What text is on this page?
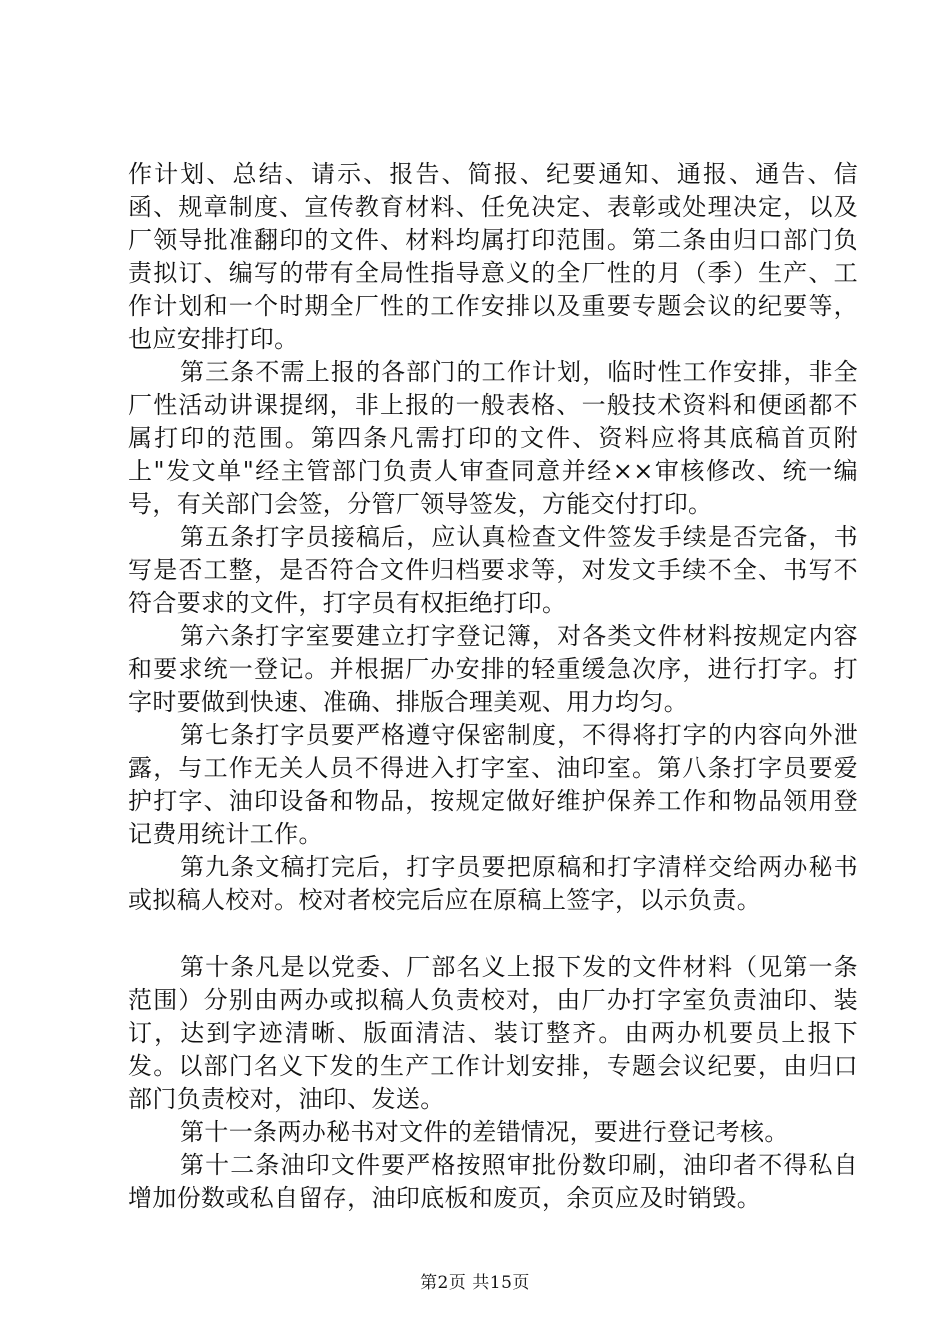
作计划、总结、请示、报告、简报、纪要通知、通报、通告、信函、规章制度、宣传教育材料、任免决定、表彰或处理决定，以及厂领导批准翻印的文件、材料均属打印范围。第二条由归口部门负责拟订、编写的带有全局性指导意义的全厂性的月（季）生产、工作计划和一个时期全厂性的工作安排以及重要专题会议的纪要等，也应安排打印。

第三条不需上报的各部门的工作计划，临时性工作安排，非全厂性活动讲课提纲，非上报的一般表格、一般技术资料和便函都不属打印的范围。第四条凡需打印的文件、资料应将其底稿首页附上"发文单"经主管部门负责人审查同意并经××审核修改、统一编号，有关部门会签，分管厂领导签发，方能交付打印。

第五条打字员接稿后，应认真检查文件签发手续是否完备，书写是否工整，是否符合文件归档要求等，对发文手续不全、书写不符合要求的文件，打字员有权拒绝打印。

第六条打字室要建立打字登记簿，对各类文件材料按规定内容和要求统一登记。并根据厂办安排的轻重缓急次序，进行打字。打字时要做到快速、准确、排版合理美观、用力均匀。

第七条打字员要严格遵守保密制度，不得将打字的内容向外泄露，与工作无关人员不得进入打字室、油印室。第八条打字员要爱护打字、油印设备和物品，按规定做好维护保养工作和物品领用登记费用统计工作。

第九条文稿打完后，打字员要把原稿和打字清样交给两办秘书或拟稿人校对。校对者校完后应在原稿上签字，以示负责。

第十条凡是以党委、厂部名义上报下发的文件材料（见第一条范围）分别由两办或拟稿人负责校对，由厂办打字室负责油印、装订，达到字迹清晰、版面清洁、装订整齐。由两办机要员上报下发。以部门名义下发的生产工作计划安排，专题会议纪要，由归口部门负责校对，油印、发送。

第十一条两办秘书对文件的差错情况，要进行登记考核。

第十二条油印文件要严格按照审批份数印刷，油印者不得私自增加份数或私自留存，油印底板和废页，余页应及时销毁。

第2页 共15页
